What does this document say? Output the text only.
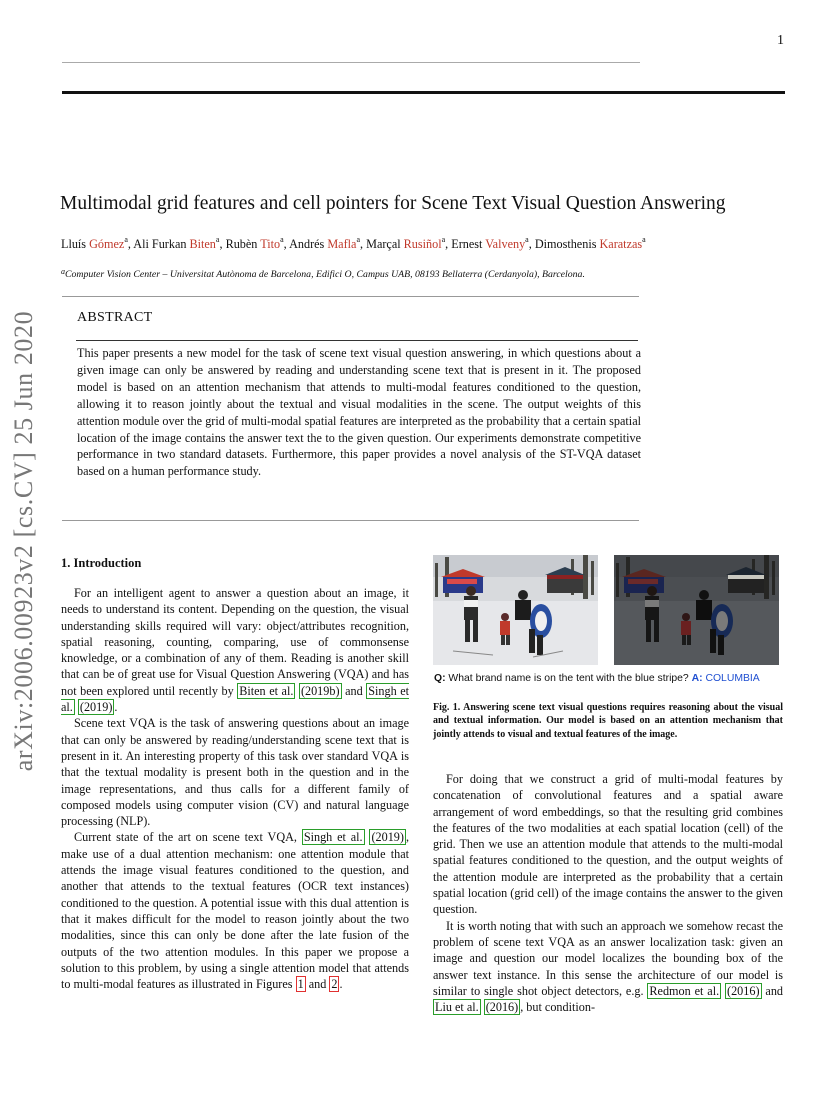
1
arXiv:2006.00923v2 [cs.CV] 25 Jun 2020
Multimodal grid features and cell pointers for Scene Text Visual Question Answering
Lluís Gómez$^a$, Ali Furkan Biten$^a$, Rubèn Tito$^a$, Andrés Mafla$^a$, Marçal Rusiñol$^a$, Ernest Valveny$^a$, Dimosthenis Karatzas$^a$
$^a$Computer Vision Center – Universitat Autònoma de Barcelona, Edifici O, Campus UAB, 08193 Bellaterra (Cerdanyola), Barcelona.
ABSTRACT
This paper presents a new model for the task of scene text visual question answering, in which questions about a given image can only be answered by reading and understanding scene text that is present in it. The proposed model is based on an attention mechanism that attends to multi-modal features conditioned to the question, allowing it to reason jointly about the textual and visual modalities in the scene. The output weights of this attention module over the grid of multi-modal spatial features are interpreted as the probability that a certain spatial location of the image contains the answer text the to the given question. Our experiments demonstrate competitive performance in two standard datasets. Furthermore, this paper provides a novel analysis of the ST-VQA dataset based on a human performance study.
1. Introduction

For an intelligent agent to answer a question about an image, it needs to understand its content. Depending on the question, the visual understanding skills required will vary: object/attributes recognition, spatial reasoning, counting, comparing, use of commonsense knowledge, or a combination of any of them. Reading is another skill that can be of great use for Visual Question Answering (VQA) and has not been explored until recently by Biten et al. (2019b) and Singh et al. (2019) .

Scene text VQA is the task of answering questions about an image that can only be answered by reading/understanding scene text that is present in it. An interesting property of this task over standard VQA is that the textual modality is present both in the question and in the image representations, and thus calls for a different family of composed models using computer vision (CV) and natural language processing (NLP).

Current state of the art on scene text VQA, Singh et al. (2019) , make use of a dual attention mechanism: one attention module that attends the image visual features conditioned to the question, and another that attends to the textual features (OCR text instances) conditioned to the question. A potential issue with this dual attention is that it makes difficult for the model to reason jointly about the two modalities, since this can only be done after the late fusion of the outputs of the two attention modules. In this paper we propose a solution to this problem, by using a single attention model that attends to multi-modal features as illustrated in Figures 1 and 2 .

Q: What brand name is on the tent with the blue stripe? A: COLUMBIA
Fig. 1. Answering scene text visual questions requires reasoning about the visual and textual information. Our model is based on an attention mechanism that jointly attends to visual and textual features of the image.

For doing that we construct a grid of multi-modal features by concatenation of convolutional features and a spatial aware arrangement of word embeddings, so that the resulting grid combines the features of the two modalities at each spatial location (cell) of the grid. Then we use an attention module that attends to the multi-modal spatial features conditioned to the question, and the output weights of the attention module are interpreted as the probability that a certain spatial location (grid cell) of the image contains the answer to the given question.

It is worth noting that with such an approach we somehow recast the problem of scene text VQA as an answer localization task: given an image and question our model localizes the bounding box of the answer text instance. In this sense the architecture of our model is similar to single shot object detectors, e.g. Redmon et al. (2016) and Liu et al. (2016) , but condition-
